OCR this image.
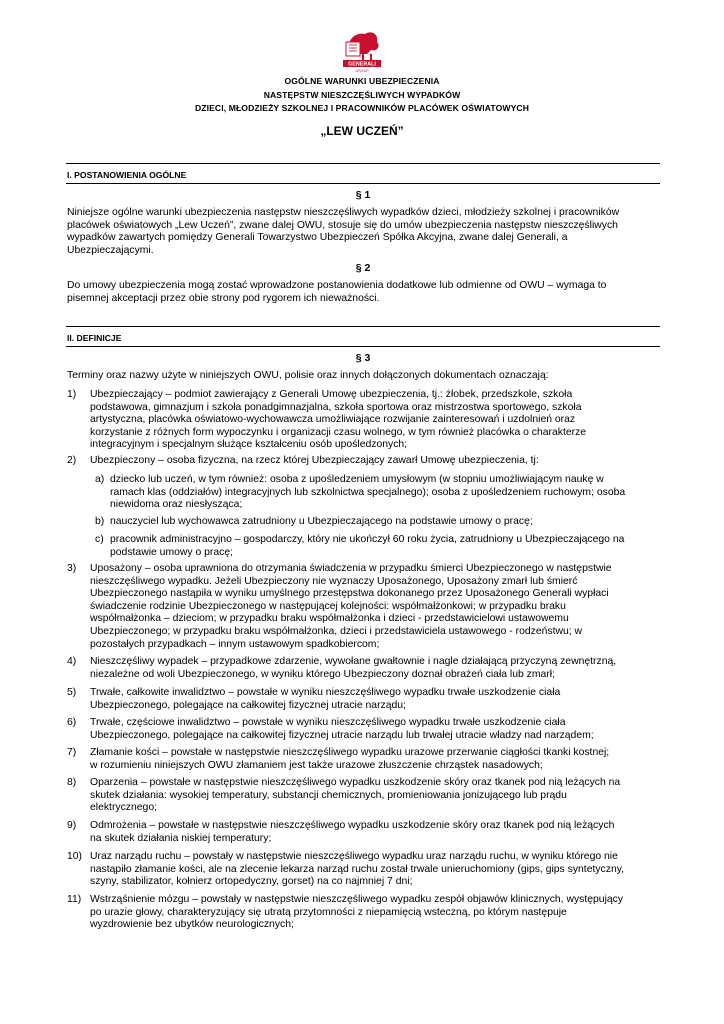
GENERALI
GROUP
OGÓLNE WARUNKI UBEZPIECZENIA
NASTĘPSTW NIESZCZĘŚLIWYCH WYPADKÓW
DZIECI, MŁODZIEŻY SZKOLNEJ I PRACOWNIKÓW PLACÓWEK OŚWIATOWYCH
„LEW UCZEŃ”
I. POSTANOWIENIA OGÓLNE
§ 1
Niniejsze ogólne warunki ubezpieczenia następstw nieszczęśliwych wypadków dzieci, młodzieży szkolnej i pracowników
placówek oświatowych „Lew Uczeń”, zwane dalej OWU, stosuje się do umów ubezpieczenia następstw nieszczęśliwych
wypadków zawartych pomiędzy Generali Towarzystwo Ubezpieczeń Spółka Akcyjna, zwane dalej Generali, a
Ubezpieczającymi.
§ 2
Do umowy ubezpieczenia mogą zostać wprowadzone postanowienia dodatkowe lub odmienne od OWU – wymaga to
pisemnej akceptacji przez obie strony pod rygorem ich nieważności.
II. DEFINICJE
§ 3
Terminy oraz nazwy użyte w niniejszych OWU, polisie oraz innych dołączonych dokumentach oznaczają:
1) Ubezpieczający – podmiot zawierający z Generali Umowę ubezpieczenia, tj.: żłobek, przedszkole, szkoła
podstawowa, gimnazjum i szkoła ponadgimnazjalna, szkoła sportowa oraz mistrzostwa sportowego, szkoła
artystyczna, placówka oświatowo-wychowawcza umożliwiające rozwijanie zainteresowań i uzdolnień oraz
korzystanie z różnych form wypoczynku i organizacji czasu wolnego, w tym również placówka o charakterze
integracyjnym i specjalnym służące kształceniu osób upośledzonych;
2) Ubezpieczony – osoba fizyczna, na rzecz której Ubezpieczający zawarł Umowę ubezpieczenia, tj:
a) dziecko lub uczeń, w tym również: osoba z upośledzeniem umysłowym (w stopniu umożliwiającym naukę w
ramach klas (oddziałów) integracyjnych lub szkolnictwa specjalnego); osoba z upośledzeniem ruchowym; osoba
niewidoma oraz niesłysząca;
b) nauczyciel lub wychowawca zatrudniony u Ubezpieczającego na podstawie umowy o pracę;
c) pracownik administracyjno – gospodarczy, który nie ukończył 60 roku życia, zatrudniony u Ubezpieczającego na
podstawie umowy o pracę;
3) Uposażony – osoba uprawniona do otrzymania świadczenia w przypadku śmierci Ubezpieczonego w następstwie
nieszczęśliwego wypadku. Jeżeli Ubezpieczony nie wyznaczy Uposażonego, Uposażony zmarł lub śmierć
Ubezpieczonego nastąpiła w wyniku umyślnego przestępstwa dokonanego przez Uposażonego Generali wypłaci
świadczenie rodzinie Ubezpieczonego w następującej kolejności: współmałżonkowi; w przypadku braku
współmałżonka – dzieciom; w przypadku braku współmałżonka i dzieci - przedstawicielowi ustawowemu
Ubezpieczonego; w przypadku braku współmałżonka, dzieci i przedstawiciela ustawowego - rodzeństwu; w
pozostałych przypadkach – innym ustawowym spadkobiercom;
4) Nieszczęśliwy wypadek – przypadkowe zdarzenie, wywołane gwałtownie i nagle działającą przyczyną zewnętrzną,
niezależne od woli Ubezpieczonego, w wyniku którego Ubezpieczony doznał obrażeń ciała lub zmarł;
5) Trwałe, całkowite inwalidztwo – powstałe w wyniku nieszczęśliwego wypadku trwałe uszkodzenie ciała
Ubezpieczonego, polegające na całkowitej fizycznej utracie narządu;
6) Trwałe, częściowe inwalidztwo – powstałe w wyniku nieszczęśliwego wypadku trwałe uszkodzenie ciała
Ubezpieczonego, polegające na całkowitej fizycznej utracie narządu lub trwałej utracie władzy nad narządem;
7) Złamanie kości – powstałe w następstwie nieszczęśliwego wypadku urazowe przerwanie ciągłości tkanki kostnej;
w rozumieniu niniejszych OWU złamaniem jest także urazowe złuszczenie chrząstek nasadowych;
8) Oparzenia – powstałe w następstwie nieszczęśliwego wypadku uszkodzenie skóry oraz tkanek pod nią leżących na
skutek działania: wysokiej temperatury, substancji chemicznych, promieniowania jonizującego lub prądu
elektrycznego;
9) Odmrożenia – powstałe w następstwie nieszczęśliwego wypadku uszkodzenie skóry oraz tkanek pod nią leżących
na skutek działania niskiej temperatury;
10) Uraz narządu ruchu – powstały w następstwie nieszczęśliwego wypadku uraz narządu ruchu, w wyniku którego nie
nastąpiło złamanie kości, ale na zlecenie lekarza narząd ruchu został trwale unieruchomiony (gips, gips syntetyczny,
szyny, stabilizator, kołnierz ortopedyczny, gorset) na co najmniej 7 dni;
11) Wstrząśnienie mózgu – powstały w następstwie nieszczęśliwego wypadku zespół objawów klinicznych, występujący
po urazie głowy, charakteryzujący się utratą przytomności z niepamięcią wsteczną, po którym następuje
wyzdrowienie bez ubytków neurologicznych;
